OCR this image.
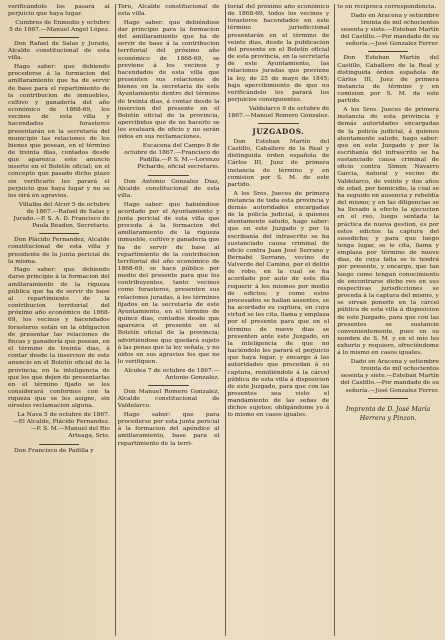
verificándolo los pasará al perjuicio que haya lugar.

Cumbres de Enmedio y octubre 5 de 1867.—Manuel Angel López.

Don Rafael de Salas y Jurado, Alcalde constitucional de esta villa.

Hago saber: que debiendo procederse á la formacion del amillaramiento que ha de servir de base para el repartimiento de la contribucion de inmuebles, cultivo y ganadería del año económico de 1868-69, los vecinos de esta villa y hacendados forasteros presentarán en la secretaría del municipio las relaciones de los bienes que posean, en el término de treinta dias, contados desde que aparezca este anuncio inserto en el Boletín oficial; en el concepto que pasado dicho plazo sin verificarlo les parará el perjuicio que haya lugar y no se les oirá en agravios.

Villalba del Alcor 5 de octubre de 1867.—Rafael de Salas y Jurado.—P. S. A. D. Francisco de Paula Beadon, Secretario.

Don Plácido Fernandez, Alcalde constitucional de esta villa y presidente de la junta pericial de la misma.

Hago saber: que debiendo darse principio á la formacion del amillaramiento de la riqueza pública que ha de servir de base al repartimiento de la contribucion territorial del próximo año económico de 1868-69, los vecinos y hacendados forasteros están en la obligacion de presentar las relaciones de fincas y ganadería que posean, en el término de treinta dias, á contar desde la insercion de este anuncio en el Boletín oficial de la provincia; en la inteligencia de que los que dejen de presentarlas en el término fijado se les considerará conformes con la riqueza que se les asigne, sin oírseles reclamacion alguna.

La Nava 5 de octubre de 1867.—El Alcalde, Plácido Fernandez.—P. S. M.—Manuel del Rio Arteaga, Srio.

Don Francisco de Padilla y

Toro, Alcalde constitucional de esta villa.

Hago saber: que debiéndose dar principio para la formacion del amillaramiento que ha de servir de base á la contribucion territorial del próximo año económico de 1868-69, se previene á los vecinos y hacendados de esta villa que presenten sus relaciones de bienes en la secretaría de este Ayuntamiento dentro del término de treinta dias, á contar desde la insercion del presente en el Boletín oficial de la provincia, apercibidos que de no hacerlo se les evaluará de oficio y no serán oidos en sus reclamaciones.

Escacena del Campo 8 de octubre de 1867.—Francisco de Padilla.—P. S. M.—Lorenzo Pichardo, oficial secretario.

Don Antonio Gonzalez Diaz, Alcalde constitucional de esta villa.

Hago saber: que habiéndose acordado por el Ayuntamiento y junta pericial de esta villa que proceda á la formacion del amillaramiento de la riqueza inmueble, cultivo y ganadería que ha de servir de base al repartimiento de la contribucion territorial del año económico de 1868-69, se hace público por medio del presente para que los contribuyentes, tanto vecinos como forasteros, presenten sus relaciones juradas, á los términos fijados en la secretaría de este Ayuntamiento, en el término de quince dias, contados desde que aparezca el presente en el Boletín oficial de la provincia; advirtiéndose que quedará sujeto á las penas que la ley señala, y no oidos en sus agravios los que no lo verifiquen.

Alcolea 7 de octubre de 1867.—Antonio Gonzalez.

Don Manuel Romero Gonzalez, Alcalde constitucional de Valdelarco.

Hago saber: que para procederse por esta junta pericial á la formacion del apéndice al amillaramiento, base para el repartimiento de la terri-

torial del próximo año económico de 1868-69, todos los vecinos y forasteros hacendados en este término jurisdiccional presentarán en el término de veinte dias, desde la publicacion del presente en el Boletín oficial de esta provincia, en la secretaría de este Ayuntamiento, las relaciones juradas que previene la ley, de 25 de mayo de 1845; bajo apercibimiento de que no verificándolo les parará los perjuicios consiguientes.

Valdelarco 9 de octubre de 1867.—Manuel Romero Gonzalez.

JUZGADOS.

Don Esteban Martín del Castillo, Caballero de la Real y distinguida órden española de Cárlos III, Juez de primera instancia de término y en comision por S. M. de este partido.

A los Sres. Jueces de primera instancia de toda esta provincia y demás autoridades encargadas de la policía judicial, á quienes atentamente saludo, hago saber: que en este Juzgado y por la escribanía del infrascrito se ha sustanciado causa criminal de oficio contra Juan José Serrano y Bernabé Serrano, vecino de Valverde del Camino, por el delito de robo, en la cual se ha acordado por auto de este dia requerir á los mismos por medio de edictos; y como estos procesados se hallan ausentes, se ha acordado su captura, en cuya virtud se les cita, llama y emplaza por el presente para que en el término de nueve dias se presenten ante este Juzgado, en la inteligencia de que no haciéndolo les parará el perjuicio que haya lugar, y encargo á las autoridades que procedan á su captura, remitiéndole á la cárcel pública de esta villa á disposicion de este Juzgado, para que con las presentes sea visto el mandamiento de las señas de dichos sujetos; obligándome yo á lo mismo en casos iguales.

to en recíproca correspondencia.

Dado en Aracena y setiembre treinta de mil ochocientos sesenta y siete.—Esteban Martín del Castillo.—Por mandado de su señoría.—José Gonzalez Ferrer.

Don Esteban Martín del Castillo, Caballero de la Real y distinguida órden española de Cárlos III, Juez de primera instancia de término y en comision por S. M. de este partido.

A los Sres. Jueces de primera instancia de esta provincia y demás autoridades encargadas de la policía judicial, á quienes atentamente saludo, hago saber: que en este Juzgado y por la escribanía del infrascrito se ha sustanciado causa criminal de oficio contra Simon Navarro Garcia, natural y vecino de Valdelarco, de veinte y dos años de edad, por homicidio, la cual se ha seguido en ausencia y rebeldía del mismo; y en las diligencias se ha llevado á efecto la ejecucion en el reo, luego sentada la práctica de nueva gestion, es por estos edictos la captura del susodicho; y para que luego tenga lugar, se le cita, llama y emplaza por término de nueve dias, de cuya falta se le tendrá por presente, y encargo, que tan luego como tengan conocimiento de encontrarse dicho reo en sus respectivas jurisdicciones se proceda á la captura del mismo, y se sirvan ponerle en la cárcel pública de esta villa á disposicion de este Juzgado, para que con las presentes se sustancie convenientemente, pues en su nombre de S. M. y en el mío les exhorto y requiero, ofreciéndome á lo mismo en casos iguales.

Dado en Aracena y setiembre treinta de mil ochocientos sesenta y siete.—Esteban Martín del Castillo.—Por mandado de su señoría.—José Gonzalez Ferrer.

Imprenta de D. José María Herrera y Pinzon.
